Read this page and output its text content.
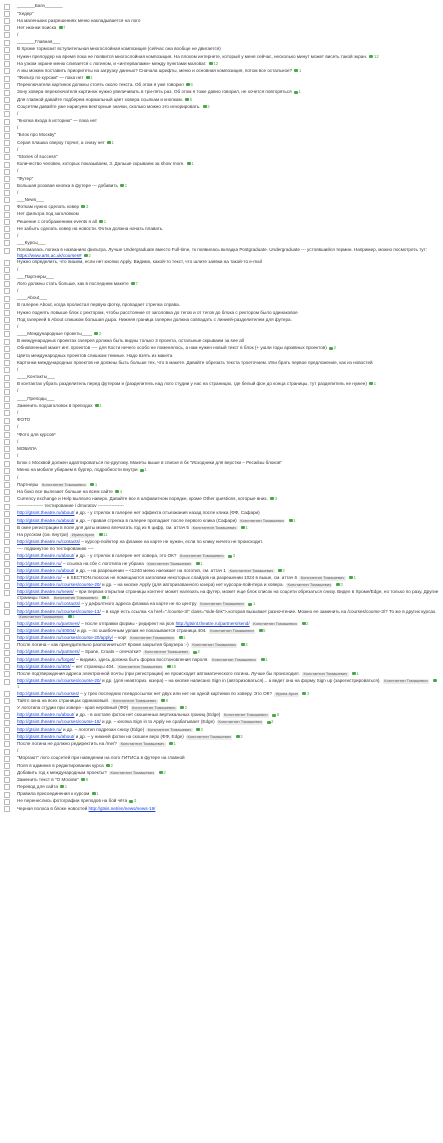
_______Баги_______
"Хедер"
На маленьких разрешениях меню накладывается на лого
Нет иконки поиска 7
/
_______Главная___
В Хроме тормозит вступительная многослойная композиция (сейчас она вообще не двигается)
Нужен прелоудер на время пока не появится многослойная композиция. На плохом интернете, который у меня сейчас, несколько минут может висеть такой экран. 12
На узком экране меню слипается с логином, и «интервалами» между пунктами маловат. 12
А мы можем поставить приоритеты на загрузку данных? Сначала шрифты, меню и основная композиция, потом все остальное? 1
"Фильтр по курсам" — пока нет 1
Переключатели картинок должны стоять около текста. Об этом я уже говорил 6
Зону ховера переключателя картинок нужно увеличивать в три-пять раз. Об этом я тоже давно говорил, не хочется повторяться 1
Для главной давайте подберем нормальный цвет ховера ссылкам и кнопкам. 5
Соцсетям давайте уже нарисуем векторные значки, сколько можно это игнорировать. 2
/
"Кнопка входа в историю" — пока нет
/
"Блок про Москву"
Серая плашка сверху торчит, а снизу нет 1
/
"Stories of success"
Количество человек, которых показываем, 3. Дальше скрываем за show more. 1
/
"Футер"
Большая розовая кнопка в футере --- добавить 1
/
___News___
Фоткам нужно сделать ховер 3
Нет фильтра под заголовком
Решение с отображением events я all 1
Не забыть сделать ховер на новости. Фотка должна начать плавать.
/
___Курсы___
Поломалась логика в названиях фильтра. Лучше Undergraduate вместо Full-time, тк появилась вкладка Postgraduate. Undergraduate --- устоявшийся термин. Например, можно посмотреть тут: https://www.arts.ac.uk/courses# 2
Нужно определить, что пишем, если нет кнопки Apply. Видимо, какой-то текст, что шлите заявки на такой-то e-mail
/
___Партнеры___
Лого должны стать больше, как в последнем макете 7
/
____About___
В галерее About, когда пролистал первую фотку, пропадает стрелка справа.
Нужно поднять повыше блок с ректором, чтобы расстояние от заголовка до тегов и от тегов до блока с ректором было одинаковое
Под галереей в About слишком большая дыра. Нижняя граница галереи должна совпадать с линией-разделителем для футера.
/
____Международные проекты____ 2
В международных проектах галерея должна быть видны только 3 проекта, остальные скрываем за see all
Обновленный макет инт. проектов ---- для Кости ничего особо не поменялось, а нам нужен новый текст в блок (+ ушли годы архивных проектов) 2
Цвета международных проектов слишком темные. Надо взять из макета
Картонки международных проектов не должны быть больше тех, что в макете. Давайте обрезать текста троеточием. Или брать первое предложение, как из новостей
/
____Контакты___
В контактах убрать разделитель перед футером и (разделитель над лого студии у нас на страницах, где белый фон до конца страницы, тут разделитель не нужен) 1
/
____Преподы___
Заменить подзаголовок в преподах 1
/
ФОТО
/
*Фото для курсов*
/
МОБИЛА
/
Блок с Москвой должен адаптироваться по-другому. Макеты выше в списке в бк "Исходники для верстки – Ресайзы блоков"
Меню на мобиле убираем в бургер, подробности внутри 1
/
Партнеры Константин Томашевич 1
На боко все вылезает больше на всем сайте 4
Currency exchange и Help вылезло наверх. Давайте все в алфавитном порядке, кроме Other questions, которые вниз. 3
----------------- тестирование / dmuratov -----------------
http://gtsint.theatre.ru/about/ и др. - у стрелок в галерее нет эффекта отъезжания назад после клика (ФФ, Сафари)
http://gtsint.theatre.ru/about/ и др. – правая стрелка в галерее пропадает после первого клика (Сафари) Константин Томашевич 1
В окне регистрации в поле для даты можно впечатать год из 6 цифр, см. аттач 5 Константин Томашевич 1
На русском (см. внутри) Ирина Арин 11
http://gtsint.theatre.ru/contacts/ – курсор-пойнтер на флажке на карте не нужен, если по клику ничего не происходит.
---- подкинутое по тестированию ----
http://gtsint.theatre.ru/about/ и др. - у стрелок в галерее нет ховера, это ОК? Константин Томашевич 3
http://gtsint.theatre.ru/ – ссылка на сбе с логотипа не убрана Константин Томашевич 1
http://gtsint.theatre.ru/about/ и др. – на разрешении ~ <1240 меню наезжает на логотип, см. аттач 1 Константин Томашевич 3
http://gtsint.theatre.ru/ – в SECTION.moscow не помещаются заголовки некоторых слайдов на разрешении 1024 в выше, см. аттач 6 Константин Томашевич 1
http://gtsint.theatre.ru/courses/course-20/ и др. – на кнопке Apply (для авторизованного юзера) нет курсора-пойнтера и ховера. Константин Томашевич 3
http://gtsint.theatre.ru/news/ – при первом открытии страницы контент может налезать на футер, может еще блок список на соцсети обрезаться снизу. Видел в Хроме/Edge, но только по разу. Другие страницы тоже. Константин Томашевич 4
http://gtsint.theatre.ru/contacts/ – у дефолтного адреса флажка на карте не по центру Константин Томашевич 1
http://gtsint.theatre.ru/courses/course-13/ – в коде есть ссылка <a href="./course-3/" class="side-link">,которая вызывает разночтение. Можно ее заменить на /courses/course-3/? То же в других курсах. Константин Томашевич 1
http://gtsint.theatre.ru/partners/ – после отправки формы - редирект на json http://gtsint.theatre.ru/partners/send/ Константин Томашевич 2
http://gtsint.theatre.ru/40004/ и др. – по ошибочным урлам не показывается страница 404. Константин Томашевич 5
http://gtsint.theatre.ru/courses/course-20/apply/ – кор! Константин Томашевич 1
После логина – как принудительно разлогиниться? Кроме закрытия браузера :-) Константин Томашевич 3
http://gtsint.theatre.ru/partners/ – Spane, Croats – опечатки? Константин Томашевич 2
http://gtsint.theatre.ru/forget/ – видимо, здесь должна быть форма восстановления пароля. Константин Томашевич 1
http://gtsint.theatre.ru/404/ – нет страницы 404. Константин Томашевич 15
После подтверждения адреса электронной почты (при регистрации) не происходит автоматического логина. Лучше бы происходил. Константин Томашевич 1
http://gtsint.theatre.ru/courses/course-20/ и др. (для неавториз. юзера) – на кнопке написано Sign in (авторизоваться)... а ведет она на форму Sign up (зарегистрироваться). Константин Томашевич 1
http://gtsint.theatre.ru/courses/ – у трех последних псевдоссылок нет двух или нет ни одной картинки по ховеру. Это ОК? Ирина Арин 2
Тайтл окна на всех страницах одинаковый. Константин Томашевич 8
У логотипа студии при ховере - края неровный (ФФ) Константин Томашевич 2
http://gtsint.theatre.ru/about/ и др. - в хистапе фоток нет скошенных вертикальных границ (Edge) Константин Томашевич 5
http://gtsint.theatre.ru/courses/course-18/ и др. – кнопка Sign in to Apply не срабатывает (Edge) Константин Томашевич 2
http://gtsint.theatre.ru/ и др. – логотип подрезан снизу (Edge) Константин Томашевич 2
http://gtsint.theatre.ru/about/ и др. – у нижней фотки на скошен верх (ФФ, Edge) Константин Томашевич 3
После логина не должно редиректить на /me/? Константин Томашевич 1
/
"Моргают" лого соцсетей при наведении на лого ГИТИСа в футере на главной
Поля в админке в редактировании курса 2
Добавить год к международным проекты? Константин Томашевич 2
Заменить текст в "О Москве" 8
Перевод для сайта 1
Правила присоединения к курсом 1
Не перенеслись фотографии преподов на бой чёта 3
Черная полоса в блоке новостей http://gtsis.net/en/news/news-19/
